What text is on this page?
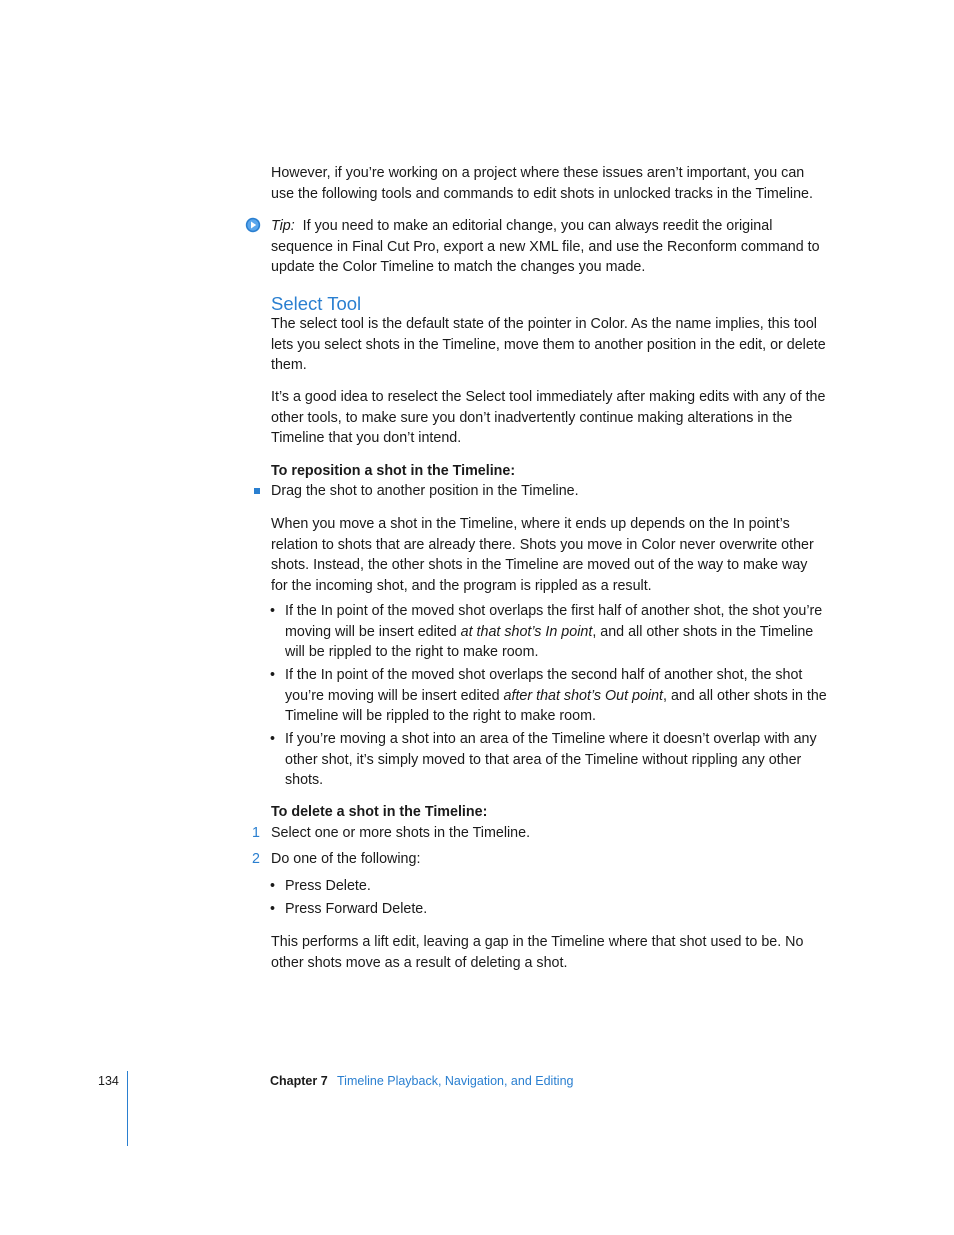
However, if you’re working on a project where these issues aren’t important, you can use the following tools and commands to edit shots in unlocked tracks in the Timeline.

Tip: If you need to make an editorial change, you can always reedit the original sequence in Final Cut Pro, export a new XML file, and use the Reconform command to update the Color Timeline to match the changes you made.

Select Tool

The select tool is the default state of the pointer in Color. As the name implies, this tool lets you select shots in the Timeline, move them to another position in the edit, or delete them.

It’s a good idea to reselect the Select tool immediately after making edits with any of the other tools, to make sure you don’t inadvertently continue making alterations in the Timeline that you don’t intend.

To reposition a shot in the Timeline:

Drag the shot to another position in the Timeline.

When you move a shot in the Timeline, where it ends up depends on the In point’s relation to shots that are already there. Shots you move in Color never overwrite other shots. Instead, the other shots in the Timeline are moved out of the way to make way for the incoming shot, and the program is rippled as a result.

• If the In point of the moved shot overlaps the first half of another shot, the shot you’re moving will be insert edited at that shot’s In point, and all other shots in the Timeline will be rippled to the right to make room.

• If the In point of the moved shot overlaps the second half of another shot, the shot you’re moving will be insert edited after that shot’s Out point, and all other shots in the Timeline will be rippled to the right to make room.

• If you’re moving a shot into an area of the Timeline where it doesn’t overlap with any other shot, it’s simply moved to that area of the Timeline without rippling any other shots.

To delete a shot in the Timeline:

1 Select one or more shots in the Timeline.

2 Do one of the following:

• Press Delete.

• Press Forward Delete.

This performs a lift edit, leaving a gap in the Timeline where that shot used to be. No other shots move as a result of deleting a shot.

134	Chapter 7 Timeline Playback, Navigation, and Editing
